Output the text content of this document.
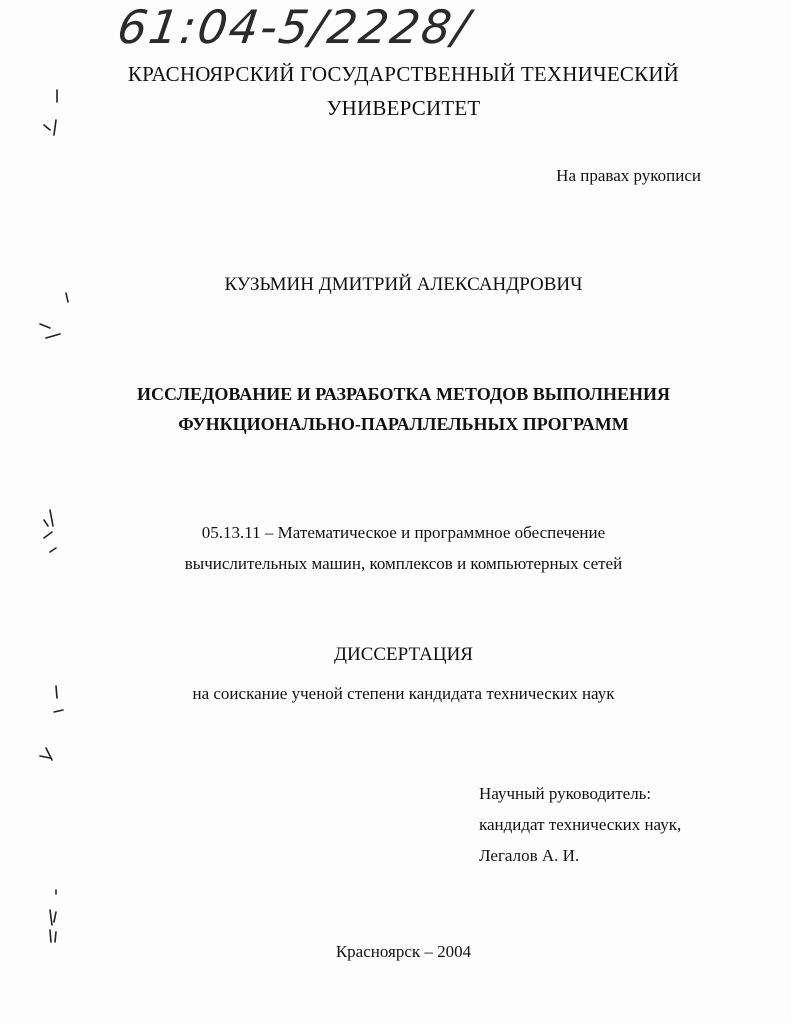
61:04-5/2228/
КРАСНОЯРСКИЙ ГОСУДАРСТВЕННЫЙ ТЕХНИЧЕСКИЙ
УНИВЕРСИТЕТ
На правах рукописи
КУЗЬМИН ДМИТРИЙ АЛЕКСАНДРОВИЧ
ИССЛЕДОВАНИЕ И РАЗРАБОТКА МЕТОДОВ ВЫПОЛНЕНИЯ
ФУНКЦИОНАЛЬНО-ПАРАЛЛЕЛЬНЫХ ПРОГРАММ
05.13.11 – Математическое и программное обеспечение
вычислительных машин, комплексов и компьютерных сетей
ДИССЕРТАЦИЯ
на соискание ученой степени кандидата технических наук
Научный руководитель:
кандидат технических наук,
Легалов А. И.
Красноярск – 2004
